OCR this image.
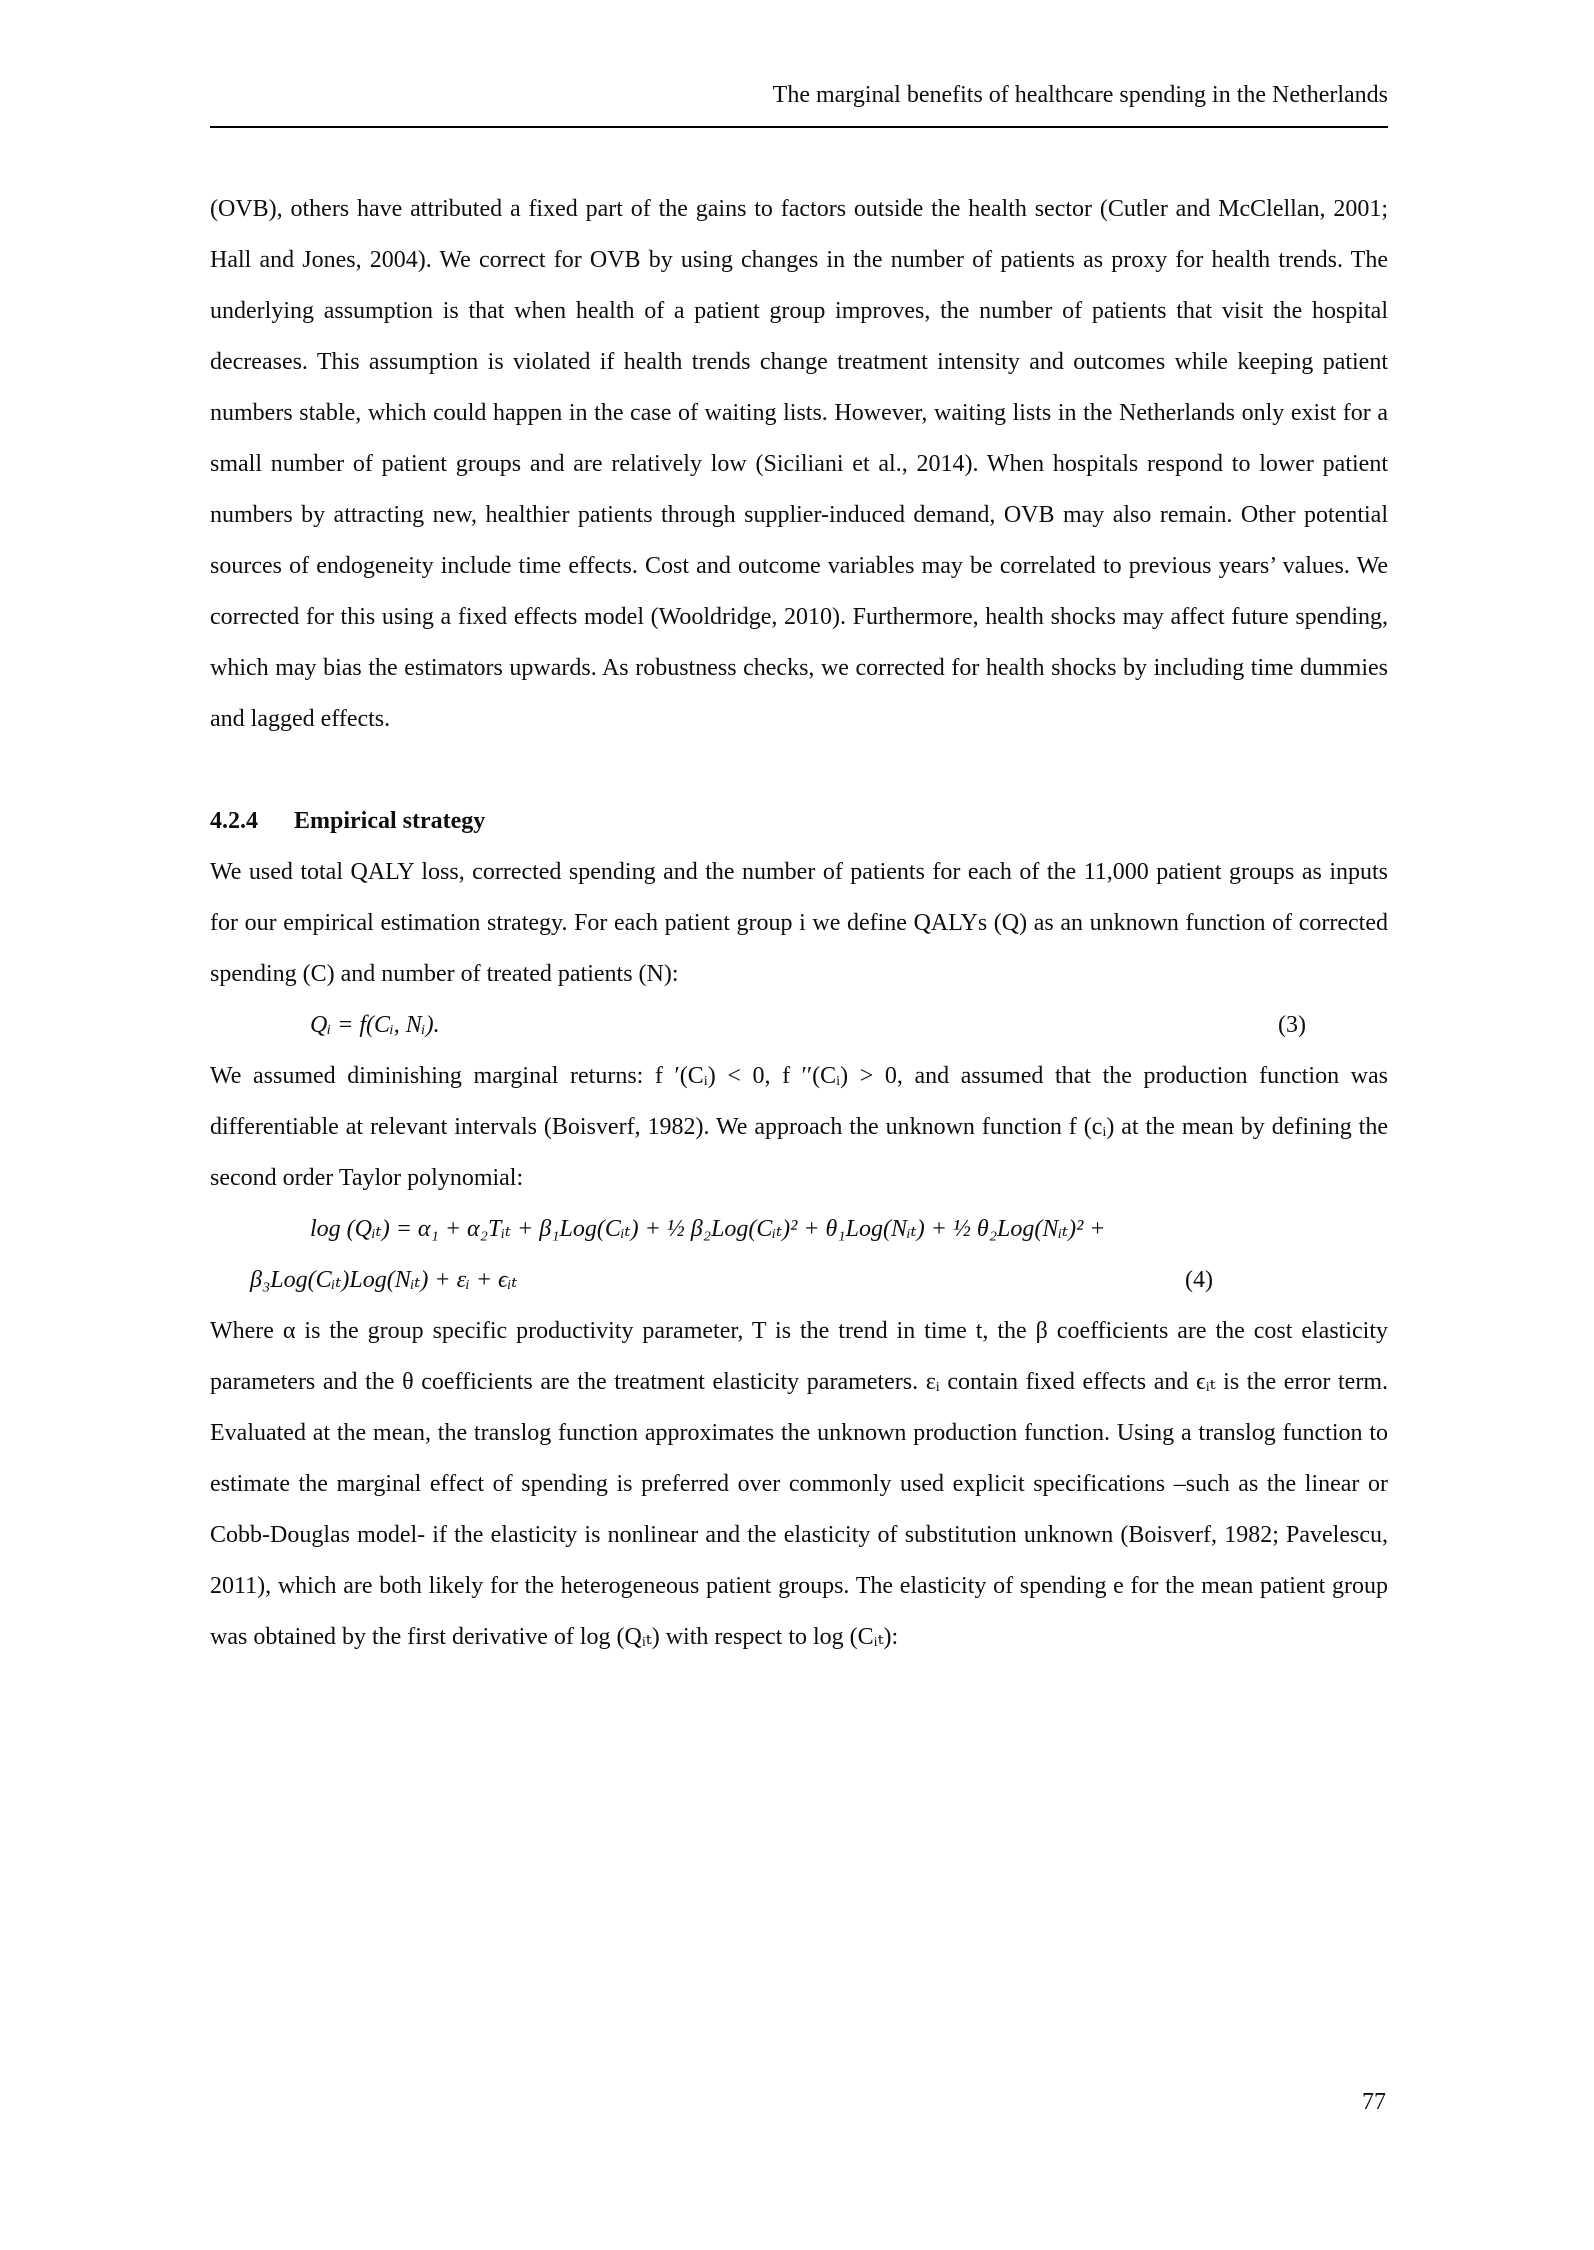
The marginal benefits of healthcare spending in the Netherlands

(OVB), others have attributed a fixed part of the gains to factors outside the health sector (Cutler and McClellan, 2001; Hall and Jones, 2004). We correct for OVB by using changes in the number of patients as proxy for health trends. The underlying assumption is that when health of a patient group improves, the number of patients that visit the hospital decreases. This assumption is violated if health trends change treatment intensity and outcomes while keeping patient numbers stable, which could happen in the case of waiting lists. However, waiting lists in the Netherlands only exist for a small number of patient groups and are relatively low (Siciliani et al., 2014). When hospitals respond to lower patient numbers by attracting new, healthier patients through supplier-induced demand, OVB may also remain. Other potential sources of endogeneity include time effects. Cost and outcome variables may be correlated to previous years’ values. We corrected for this using a fixed effects model (Wooldridge, 2010). Furthermore, health shocks may affect future spending, which may bias the estimators upwards. As robustness checks, we corrected for health shocks by including time dummies and lagged effects.

4.2.4 Empirical strategy

We used total QALY loss, corrected spending and the number of patients for each of the 11,000 patient groups as inputs for our empirical estimation strategy. For each patient group i we define QALYs (Q) as an unknown function of corrected spending (C) and number of treated patients (N):

Qᵢ = f(Cᵢ, Nᵢ).	(3)

We assumed diminishing marginal returns: f ′(Cᵢ) < 0, f ′′(Cᵢ) > 0, and assumed that the production function was differentiable at relevant intervals (Boisverf, 1982). We approach the unknown function f (cᵢ) at the mean by defining the second order Taylor polynomial:

log (Qᵢₜ) = α₁ + α₂Tᵢₜ + β₁Log(Cᵢₜ) + ½ β₂Log(Cᵢₜ)² + θ₁Log(Nᵢₜ) + ½ θ₂Log(Nᵢₜ)² +
β₃Log(Cᵢₜ)Log(Nᵢₜ) + εᵢ + ϵᵢₜ	(4)

Where α is the group specific productivity parameter, T is the trend in time t, the β coefficients are the cost elasticity parameters and the θ coefficients are the treatment elasticity parameters. εᵢ contain fixed effects and ϵᵢₜ is the error term. Evaluated at the mean, the translog function approximates the unknown production function. Using a translog function to estimate the marginal effect of spending is preferred over commonly used explicit specifications –such as the linear or Cobb-Douglas model- if the elasticity is nonlinear and the elasticity of substitution unknown (Boisverf, 1982; Pavelescu, 2011), which are both likely for the heterogeneous patient groups. The elasticity of spending e for the mean patient group was obtained by the first derivative of log (Qᵢₜ) with respect to log (Cᵢₜ):

77
